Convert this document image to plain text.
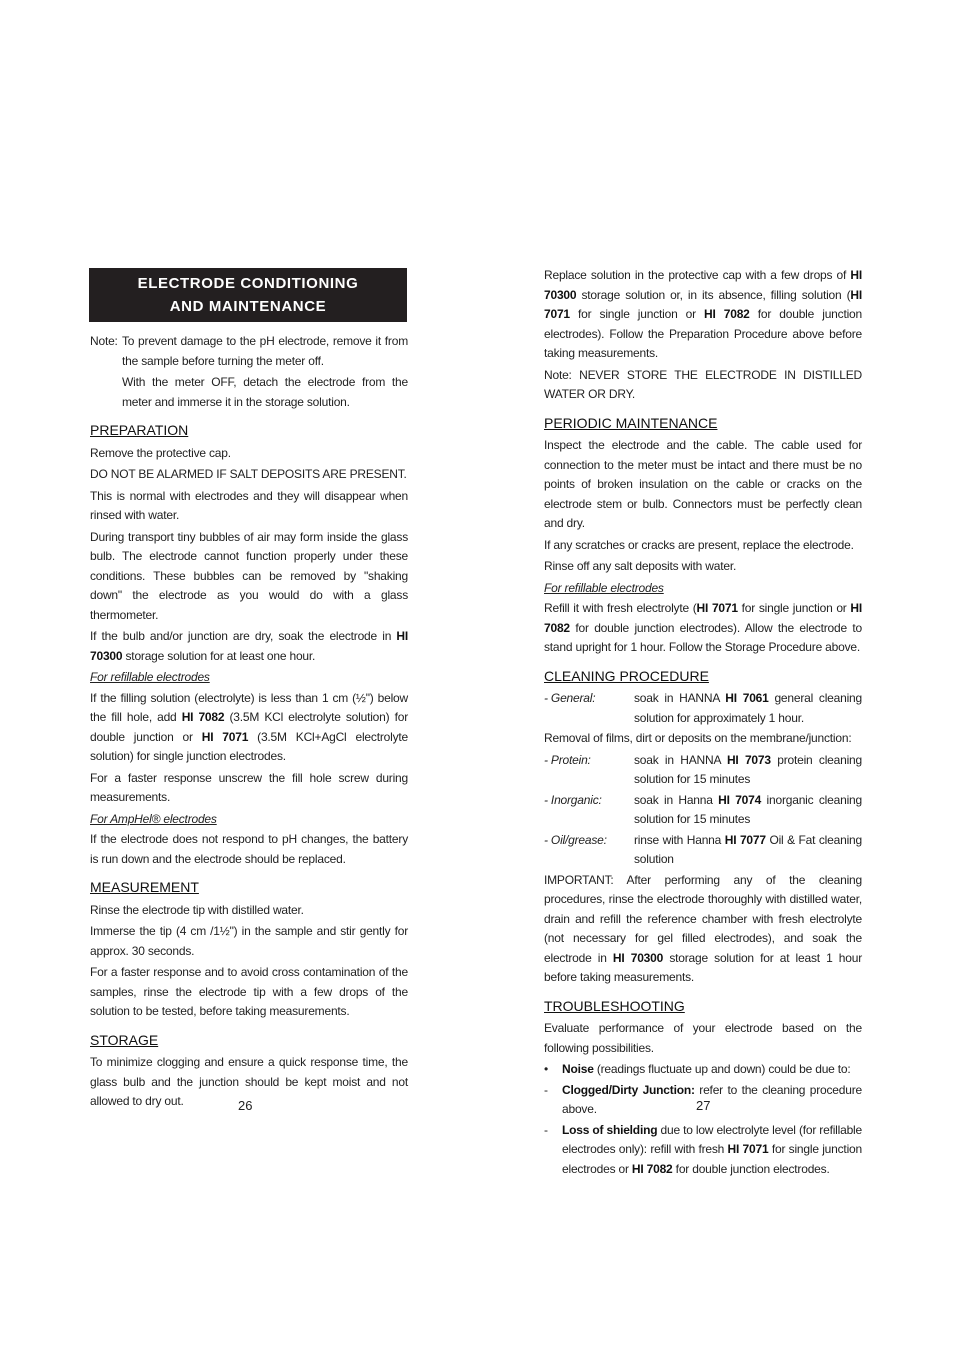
ELECTRODE CONDITIONING
AND MAINTENANCE
Note: To prevent damage to the pH electrode, remove it from the sample before turning the meter off.

With the meter OFF, detach the electrode from the meter and immerse it in the storage solution.

PREPARATION

Remove the protective cap.

DO NOT BE ALARMED IF SALT DEPOSITS ARE PRESENT.

This is normal with electrodes and they will disappear when rinsed with water.

During transport tiny bubbles of air may form inside the glass bulb. The electrode cannot function properly under these conditions. These bubbles can be removed by "shaking down" the electrode as you would do with a glass thermometer.

If the bulb and/or junction are dry, soak the electrode in HI 70300 storage solution for at least one hour.

For refillable electrodes

If the filling solution (electrolyte) is less than 1 cm (½") below the fill hole, add HI 7082 (3.5M KCl electrolyte solution) for double junction or HI 7071 (3.5M KCl+AgCl electrolyte solution) for single junction electrodes.

For a faster response unscrew the fill hole screw during measurements.

For AmpHel® electrodes

If the electrode does not respond to pH changes, the battery is run down and the electrode should be replaced.

MEASUREMENT

Rinse the electrode tip with distilled water.

Immerse the tip (4 cm /1½") in the sample and stir gently for approx. 30 seconds.

For a faster response and to avoid cross contamination of the samples, rinse the electrode tip with a few drops of the solution to be tested, before taking measurements.

STORAGE

To minimize clogging and ensure a quick response time, the glass bulb and the junction should be kept moist and not allowed to dry out.

Replace solution in the protective cap with a few drops of HI 70300 storage solution or, in its absence, filling solution (HI 7071 for single junction or HI 7082 for double junction electrodes). Follow the Preparation Procedure above before taking measurements.

Note: NEVER STORE THE ELECTRODE IN DISTILLED WATER OR DRY.

PERIODIC MAINTENANCE

Inspect the electrode and the cable. The cable used for connection to the meter must be intact and there must be no points of broken insulation on the cable or cracks on the electrode stem or bulb. Connectors must be perfectly clean and dry.

If any scratches or cracks are present, replace the electrode.

Rinse off any salt deposits with water.

For refillable electrodes

Refill it with fresh electrolyte (HI 7071 for single junction or HI 7082 for double junction electrodes). Allow the electrode to stand upright for 1 hour. Follow the Storage Procedure above.

CLEANING PROCEDURE
- General:	soak in HANNA HI 7061 general cleaning solution for approximately 1 hour.

Removal of films, dirt or deposits on the membrane/junction:

- Protein:	soak in HANNA HI 7073 protein cleaning solution for 15 minutes
- Inorganic:	soak in Hanna HI 7074 inorganic cleaning solution for 15 minutes
- Oil/grease:	rinse with Hanna HI 7077 Oil & Fat cleaning solution

IMPORTANT: After performing any of the cleaning procedures, rinse the electrode thoroughly with distilled water, drain and refill the reference chamber with fresh electrolyte (not necessary for gel filled electrodes), and soak the electrode in HI 70300 storage solution for at least 1 hour before taking measurements.

TROUBLESHOOTING

Evaluate performance of your electrode based on the following possibilities.

•	Noise (readings fluctuate up and down) could be due to:
-	Clogged/Dirty Junction: refer to the cleaning procedure above.
-	Loss of shielding due to low electrolyte level (for refillable electrodes only): refill with fresh HI 7071 for single junction electrodes or HI 7082 for double junction electrodes.
26	27
